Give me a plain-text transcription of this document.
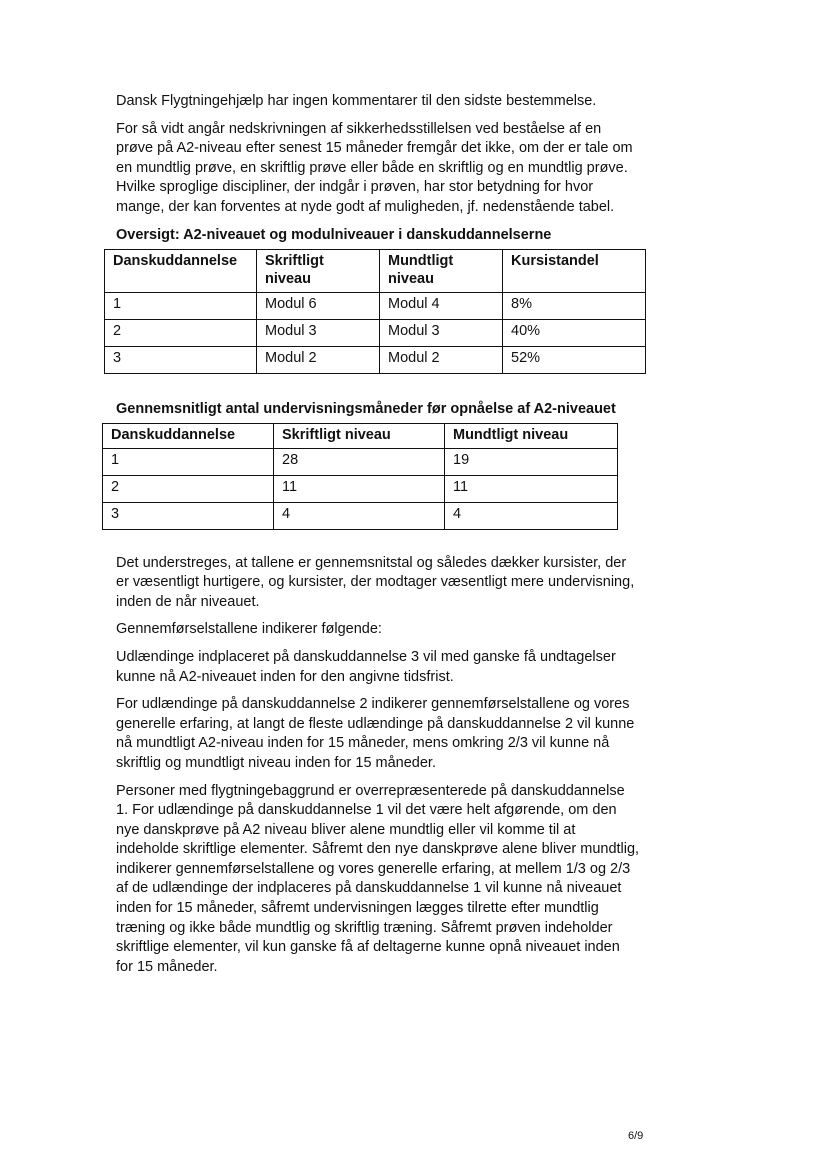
Dansk Flygtningehjælp har ingen kommentarer til den sidste bestemmelse.

For så vidt angår nedskrivningen af sikkerhedsstillelsen ved beståelse af en prøve på A2-niveau efter senest 15 måneder fremgår det ikke, om der er tale om en mundtlig prøve, en skriftlig prøve eller både en skriftlig og en mundtlig prøve. Hvilke sproglige discipliner, der indgår i prøven, har stor betydning for hvor mange, der kan forventes at nyde godt af muligheden, jf. nedenstående tabel.

Oversigt: A2-niveauet og modulniveauer i danskuddannelserne
Danskuddannelse	Skriftligt niveau	Mundtligt niveau	Kursistandel
1	Modul 6	Modul 4	8%
2	Modul 3	Modul 3	40%
3	Modul 2	Modul 2	52%
Gennemsnitligt antal undervisningsmåneder før opnåelse af A2-niveauet
Danskuddannelse	Skriftligt niveau	Mundtligt niveau
1	28	19
2	11	11
3	4	4

Det understreges, at tallene er gennemsnitstal og således dækker kursister, der er væsentligt hurtigere, og kursister, der modtager væsentligt mere undervisning, inden de når niveauet.

Gennemførselstallene indikerer følgende:

Udlændinge indplaceret på danskuddannelse 3 vil med ganske få undtagelser kunne nå A2-niveauet inden for den angivne tidsfrist.

For udlændinge på danskuddannelse 2 indikerer gennemførselstallene og vores generelle erfaring, at langt de fleste udlændinge på danskuddannelse 2 vil kunne nå mundtligt A2-niveau inden for 15 måneder, mens omkring 2/3 vil kunne nå skriftlig og mundtligt niveau inden for 15 måneder.

Personer med flygtningebaggrund er overrepræsenterede på danskuddannelse 1. For udlændinge på danskuddannelse 1 vil det være helt afgørende, om den nye danskprøve på A2 niveau bliver alene mundtlig eller vil komme til at indeholde skriftlige elementer. Såfremt den nye danskprøve alene bliver mundtlig, indikerer gennemførselstallene og vores generelle erfaring, at mellem 1/3 og 2/3 af de udlændinge der indplaceres på danskuddannelse 1 vil kunne nå niveauet inden for 15 måneder, såfremt undervisningen lægges tilrette efter mundtlig træning og ikke både mundtlig og skriftlig træning. Såfremt prøven indeholder skriftlige elementer, vil kun ganske få af deltagerne kunne opnå niveauet inden for 15 måneder.

6/9
